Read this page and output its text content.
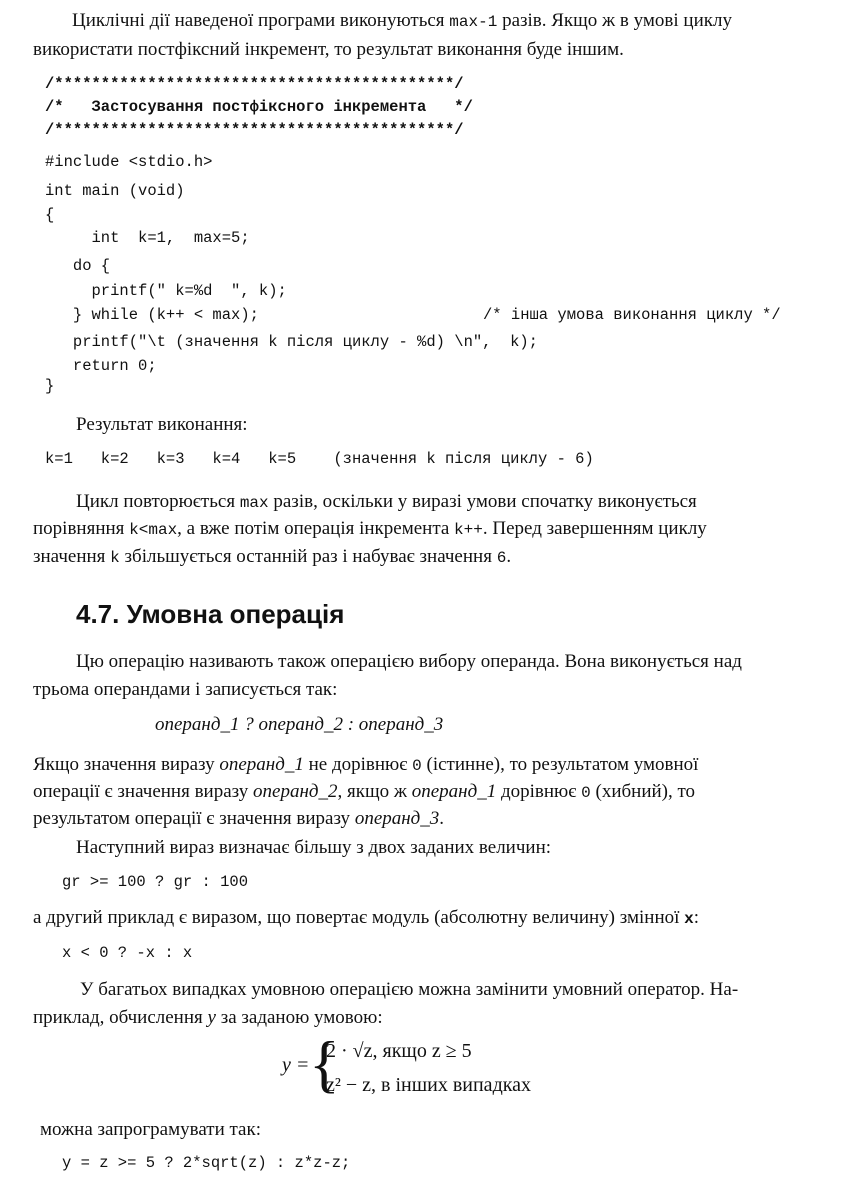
Циклічні дії наведеної програми виконуються max-1 разів. Якщо ж в умові циклу
використати постфіксний інкремент, то результат виконання буде іншим.
/*******************************************/
/*   Застосування постфіксного інкремента   */
/*******************************************/
#include <stdio.h>
int main (void)
{
int  k=1,  max=5;
do {
printf(" k=%d  ", k);
} while (k++ < max);	/* інша умова виконання циклу */
printf("\t (значення k після циклу - %d) \n",  k);
return 0;
}
Результат виконання:
k=1   k=2   k=3   k=4   k=5    (значення k після циклу - 6)
Цикл повторюється max разів, оскільки у виразі умови спочатку виконується
порівняння k<max, а вже потім операція інкремента k++. Перед завершенням циклу
значення k збільшується останній раз і набуває значення 6.
4.7. Умовна операція
Цю операцію називають також операцією вибору операнда. Вона виконується над
трьома операндами і записується так:
операнд_1 ? операнд_2 : операнд_3
Якщо значення виразу операнд_1 не дорівнює 0 (істинне), то результатом умовної
операції є значення виразу операнд_2, якщо ж операнд_1 дорівнює 0 (хибний), то
результатом операції є значення виразу операнд_3.
Наступний вираз визначає більшу з двох заданих величин:
gr >= 100 ? gr : 100
а другий приклад є виразом, що повертає модуль (абсолютну величину) змінної x:
x < 0 ? -x : x
У багатьох випадках умовною операцією можна замінити умовний оператор. На-
приклад, обчислення y за заданою умовою:
y = {
2 · √z, якщо z ≥ 5
z² − z, в інших випадках
можна запрограмувати так:
y = z >= 5 ? 2*sqrt(z) : z*z-z;
